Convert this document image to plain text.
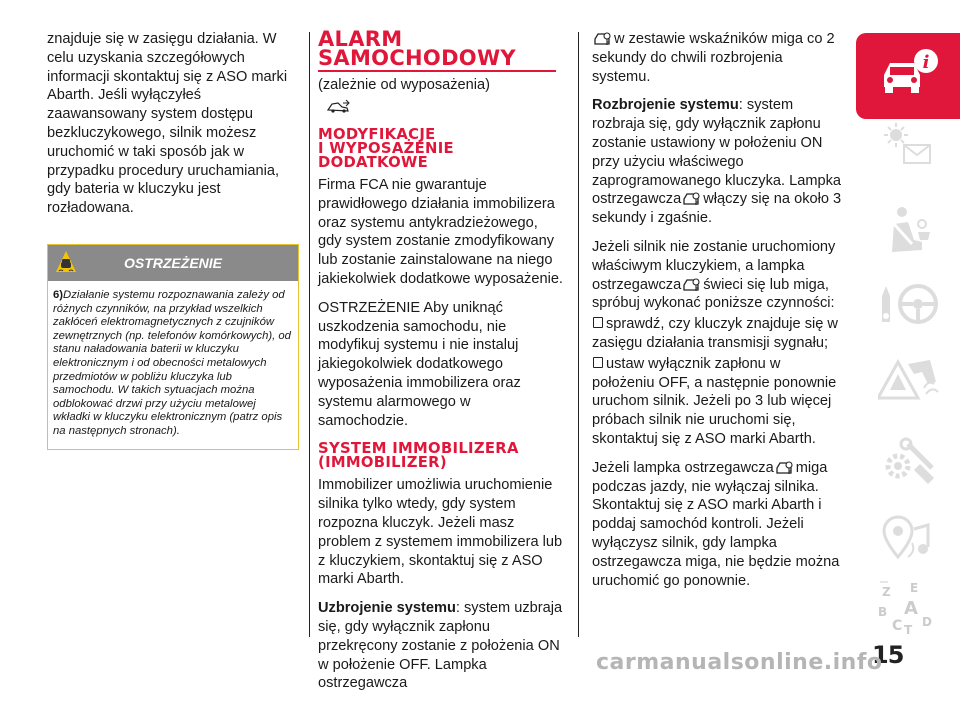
znajduje się w zasięgu działania. W celu uzyskania szczegółowych informacji skontaktuj się z ASO marki Abarth. Jeśli wyłączyłeś zaawansowany system dostępu bezkluczykowego, silnik możesz uruchomić w taki sposób jak w przypadku procedury uruchamiania, gdy bateria w kluczyku jest rozładowana.

OSTRZEŻENIE
6)Działanie systemu rozpoznawania zależy od różnych czynników, na przykład wszelkich zakłóceń elektromagnetycznych z czujników zewnętrznych (np. telefonów komórkowych), od stanu naładowania baterii w kluczyku elektronicznym i od obecności metalowych przedmiotów w pobliżu kluczyka lub samochodu. W takich sytuacjach można odblokować drzwi przy użyciu metalowej wkładki w kluczyku elektronicznym (patrz opis na następnych stronach).
ALARM
SAMOCHODOWY

(zależnie od wyposażenia)

MODYFIKACJE
I WYPOSAŻENIE
DODATKOWE

Firma FCA nie gwarantuje prawidłowego działania immobilizera oraz systemu antykradzieżowego, gdy system zostanie zmodyfikowany lub zostanie zainstalowane na niego jakiekolwiek dodatkowe wyposażenie.

OSTRZEŻENIE Aby uniknąć uszkodzenia samochodu, nie modyfikuj systemu i nie instaluj jakiegokolwiek dodatkowego wyposażenia immobilizera oraz systemu alarmowego w samochodzie.

SYSTEM IMMOBILIZERA
(IMMOBILIZER)

Immobilizer umożliwia uruchomienie silnika tylko wtedy, gdy system rozpozna kluczyk. Jeżeli masz problem z systemem immobilizera lub z kluczykiem, skontaktuj się z ASO marki Abarth.

Uzbrojenie systemu: system uzbraja się, gdy wyłącznik zapłonu przekręcony zostanie z położenia ON w położenie OFF. Lampka ostrzegawcza

w zestawie wskaźników miga co 2 sekundy do chwili rozbrojenia systemu.

Rozbrojenie systemu: system rozbraja się, gdy wyłącznik zapłonu zostanie ustawiony w położeniu ON przy użyciu właściwego zaprogramowanego kluczyka. Lampka ostrzegawcza włączy się na około 3 sekundy i zgaśnie.

Jeżeli silnik nie zostanie uruchomiony właściwym kluczykiem, a lampka ostrzegawcza świeci się lub miga, spróbuj wykonać poniższe czynności:

sprawdź, czy kluczyk znajduje się w zasięgu działania transmisji sygnału;

ustaw wyłącznik zapłonu w położeniu OFF, a następnie ponownie uruchom silnik. Jeżeli po 3 lub więcej próbach silnik nie uruchomi się, skontaktuj się z ASO marki Abarth.

Jeżeli lampka ostrzegawcza miga podczas jazdy, nie wyłączaj silnika. Skontaktuj się z ASO marki Abarth i poddaj samochód kontroli. Jeżeli wyłączysz silnik, gdy lampka ostrzegawcza miga, nie będzie można uruchomić go ponownie.

i
Z E
B A
C T
D
15
carmanualsonline.info
